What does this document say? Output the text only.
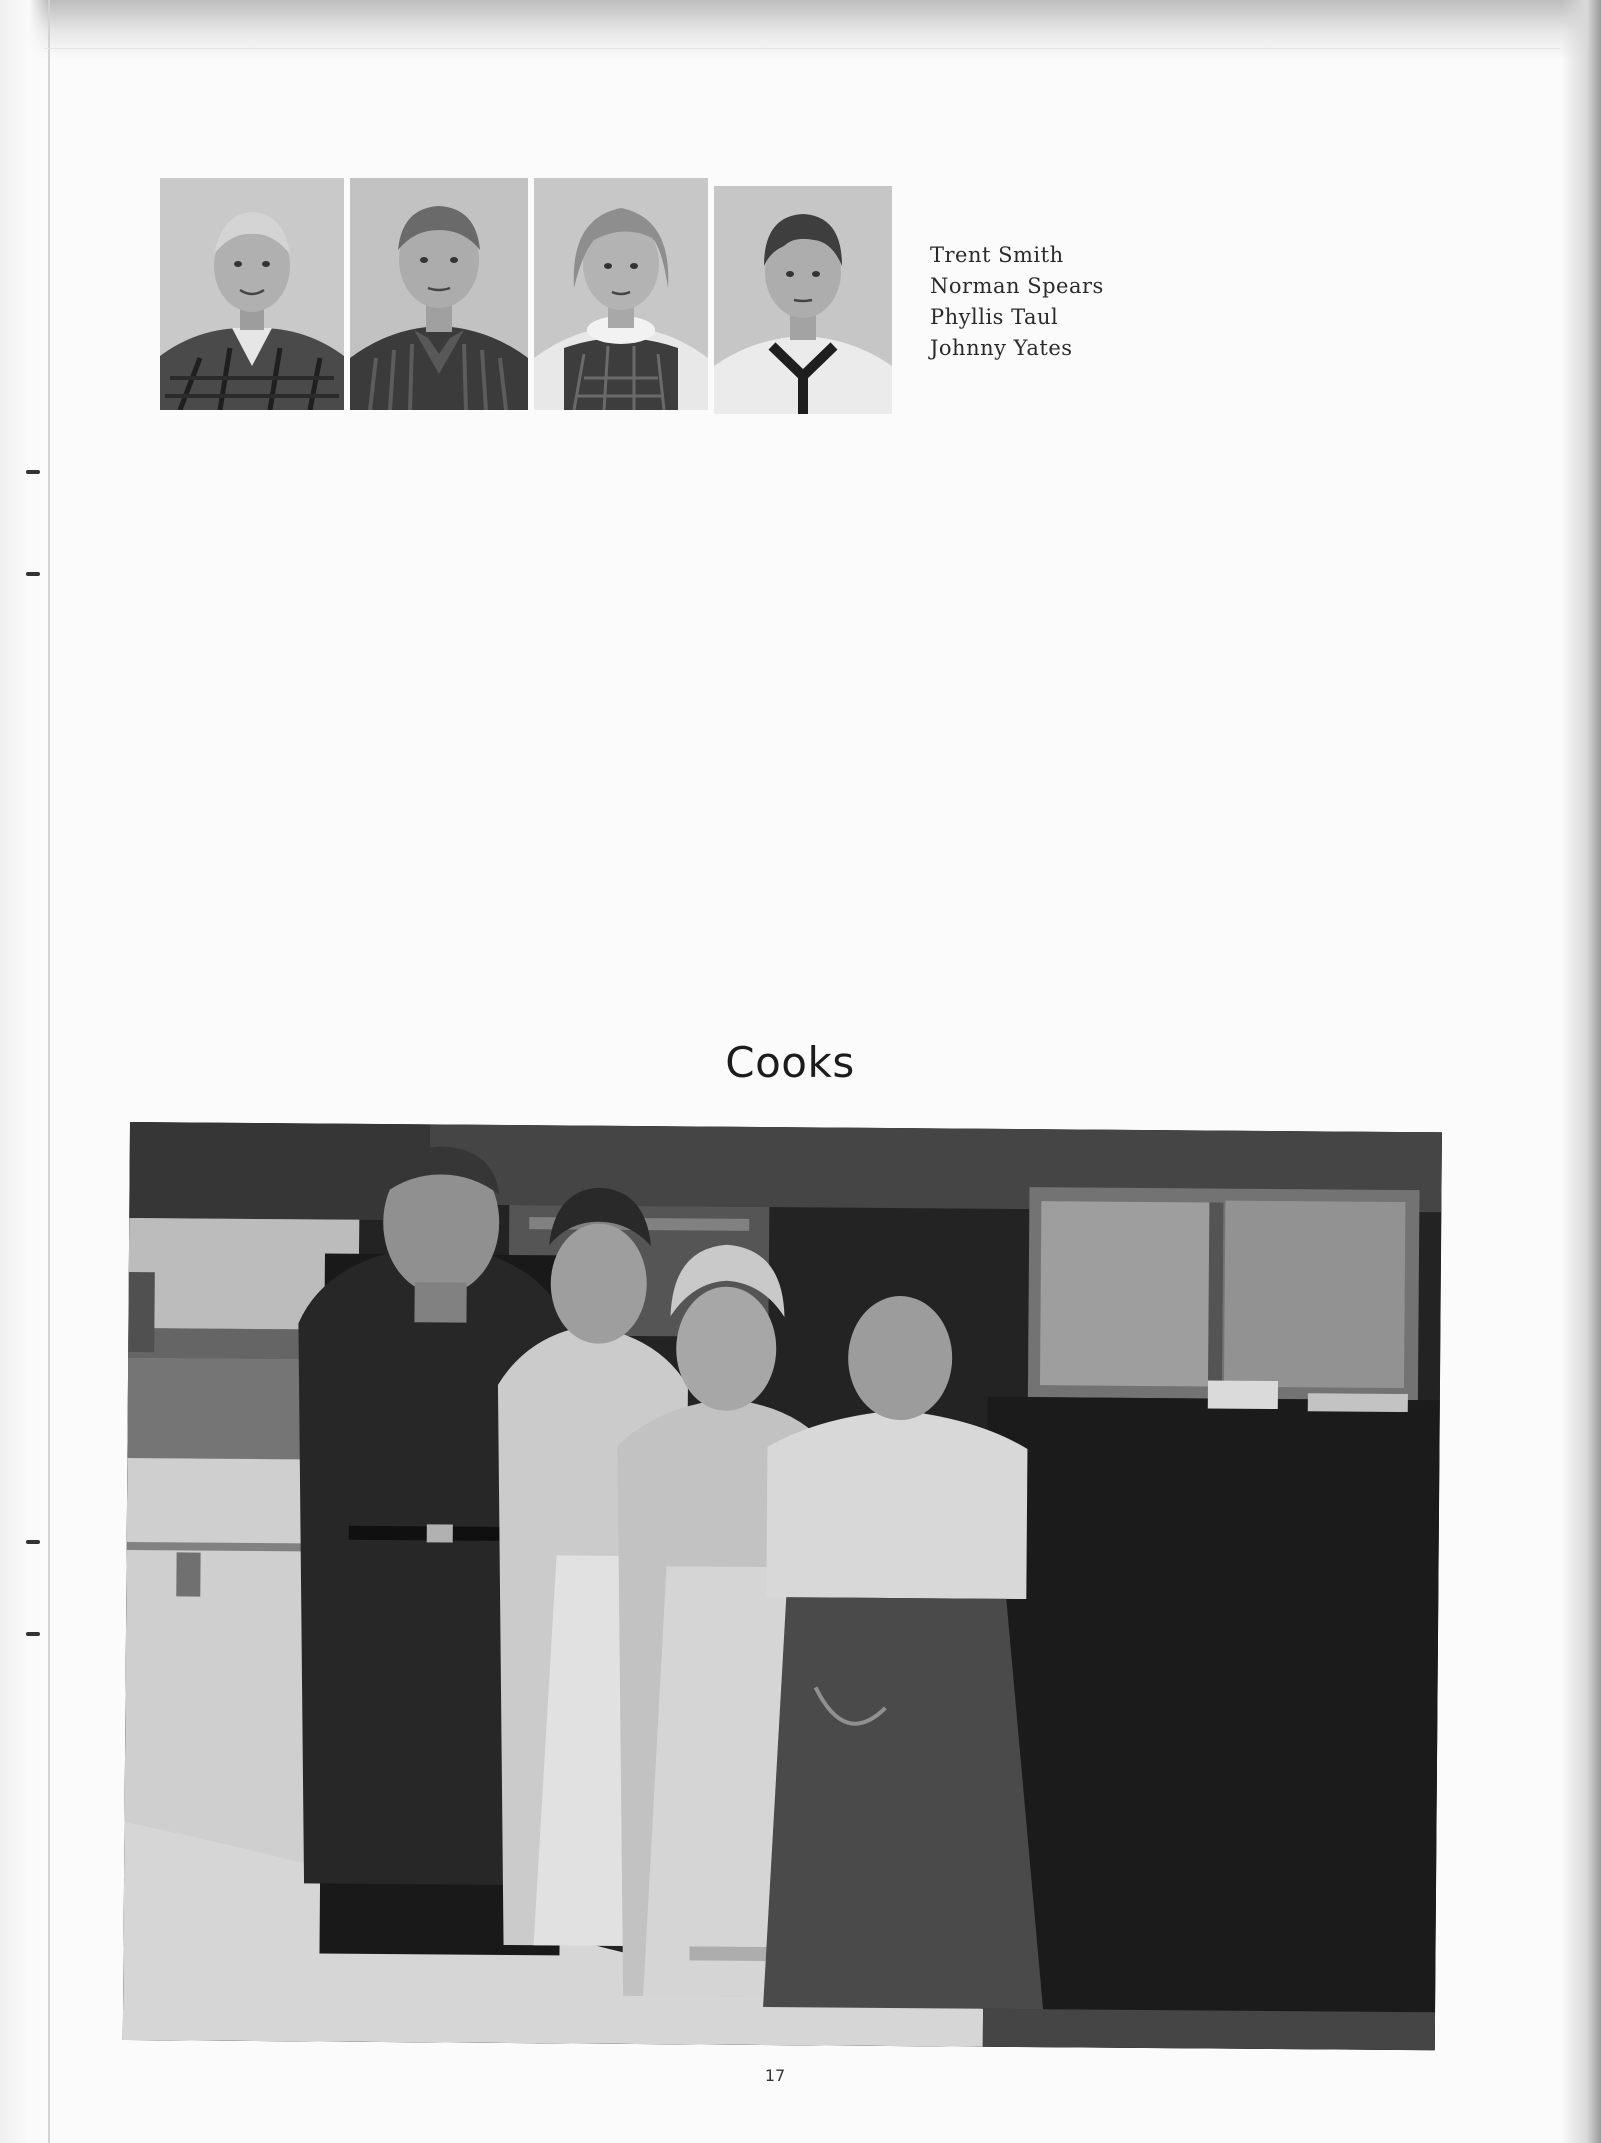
Trent Smith
Norman Spears
Phyllis Taul
Johnny Yates
Cooks
17
